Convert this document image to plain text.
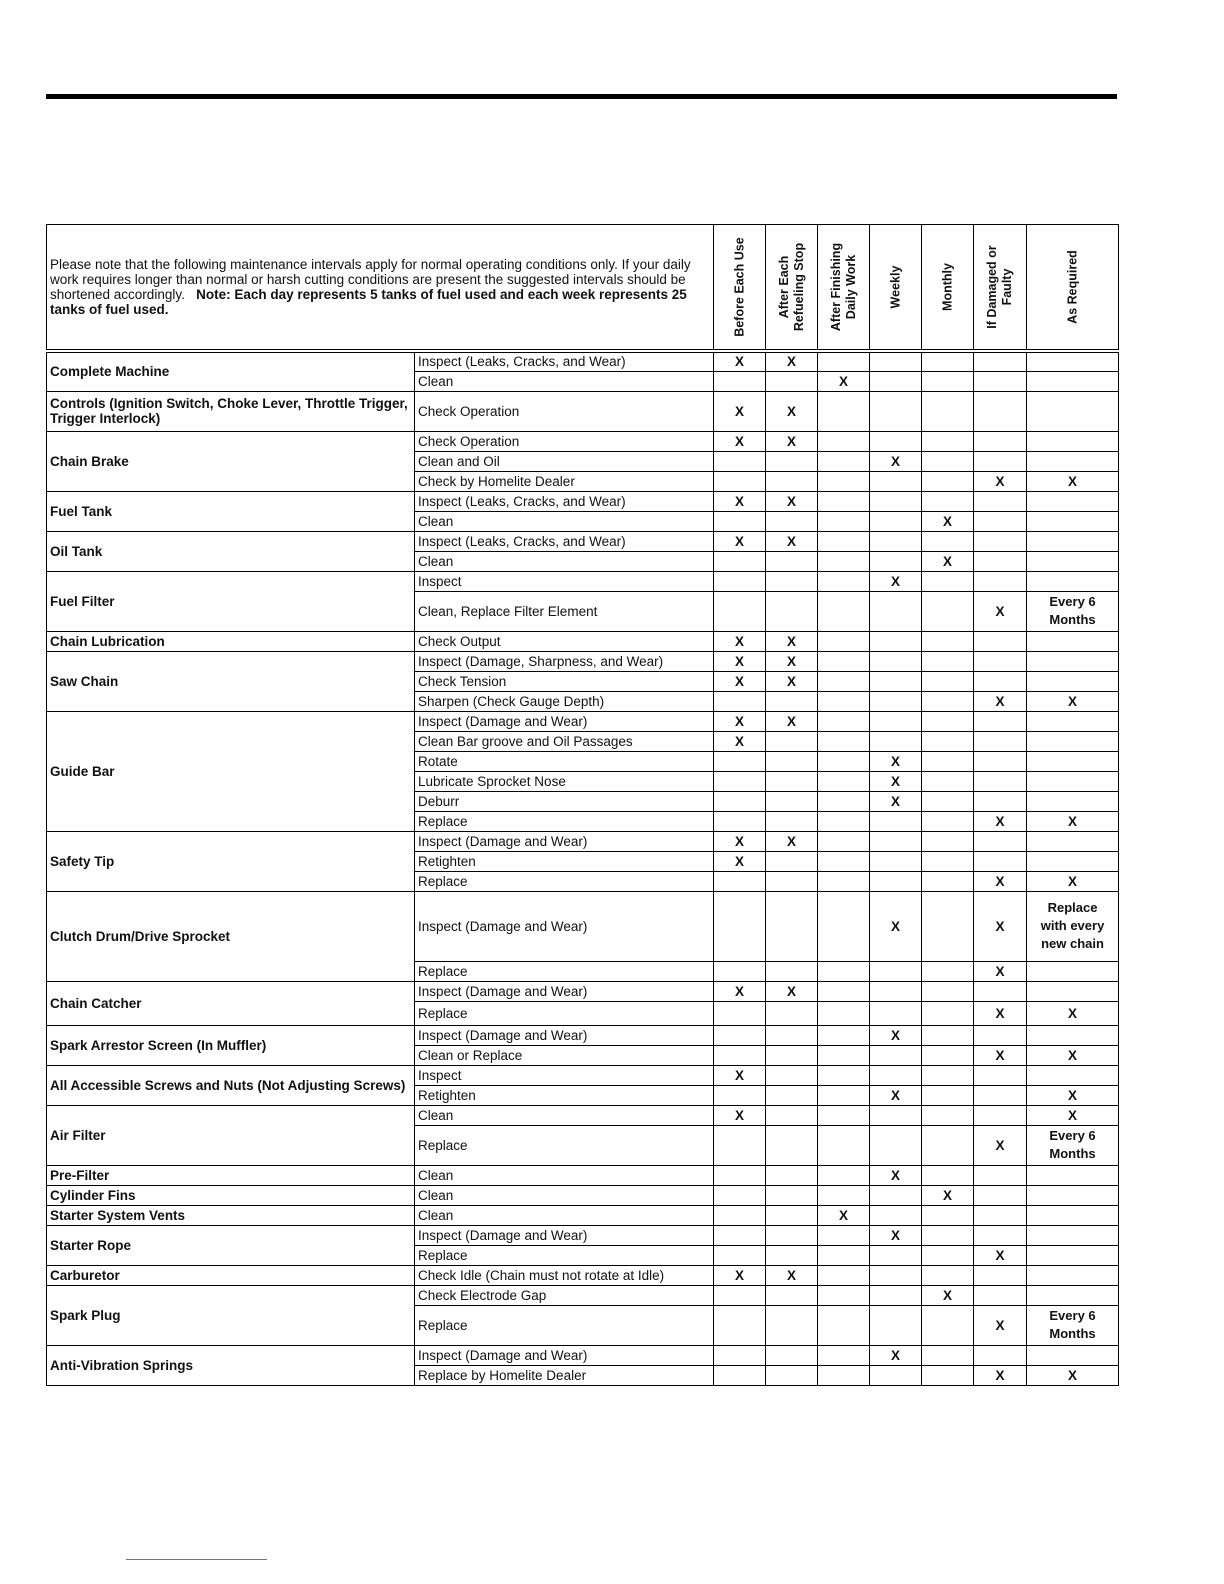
Please note that the following maintenance intervals apply for normal operating conditions only. If your daily work requires longer than normal or harsh cutting conditions are present the suggested intervals should be shortened accordingly. Note: Each day represents 5 tanks of fuel used and each week represents 25 tanks of fuel used.		Before Each Use	After Each
Refueling Stop	After Finishing
Daily Work	Weekly	Monthly	If Damaged or
Faulty	As Required

Complete Machine	Inspect (Leaks, Cracks, and Wear)	X	X					
	Clean			X				
Controls (Ignition Switch, Choke Lever, Throttle Trigger, Trigger Interlock)	Check Operation	X	X					
Chain Brake	Check Operation	X	X					
	Clean and Oil				X			
	Check by Homelite Dealer						X	X
Fuel Tank	Inspect (Leaks, Cracks, and Wear)	X	X					
	Clean					X		
Oil Tank	Inspect (Leaks, Cracks, and Wear)	X	X					
	Clean					X		
Fuel Filter	Inspect				X			
	Clean, Replace Filter Element						X	Every 6
Months
Chain Lubrication	Check Output	X	X					
Saw Chain	Inspect (Damage, Sharpness, and Wear)	X	X					
	Check Tension	X	X					
	Sharpen (Check Gauge Depth)						X	X
Guide Bar	Inspect (Damage and Wear)	X	X					
	Clean Bar groove and Oil Passages	X						
	Rotate				X			
	Lubricate Sprocket Nose				X			
	Deburr				X			
	Replace						X	X
Safety Tip	Inspect (Damage and Wear)	X	X					
	Retighten	X						
	Replace						X	X
Clutch Drum/Drive Sprocket	Inspect (Damage and Wear)				X		X	Replace
with every
new chain
	Replace						X	
Chain Catcher	Inspect (Damage and Wear)	X	X					
	Replace						X	X
Spark Arrestor Screen (In Muffler)	Inspect (Damage and Wear)				X			
	Clean or Replace						X	X
All Accessible Screws and Nuts (Not Adjusting Screws)	Inspect	X						
	Retighten				X			X
Air Filter	Clean	X						X
	Replace						X	Every 6
Months
Pre-Filter	Clean				X			
Cylinder Fins	Clean					X		
Starter System Vents	Clean			X				
Starter Rope	Inspect (Damage and Wear)				X			
	Replace						X	
Carburetor	Check Idle (Chain must not rotate at Idle)	X	X					
Spark Plug	Check Electrode Gap					X		
	Replace						X	Every 6
Months
Anti-Vibration Springs	Inspect (Damage and Wear)				X			
	Replace by Homelite Dealer						X	X
